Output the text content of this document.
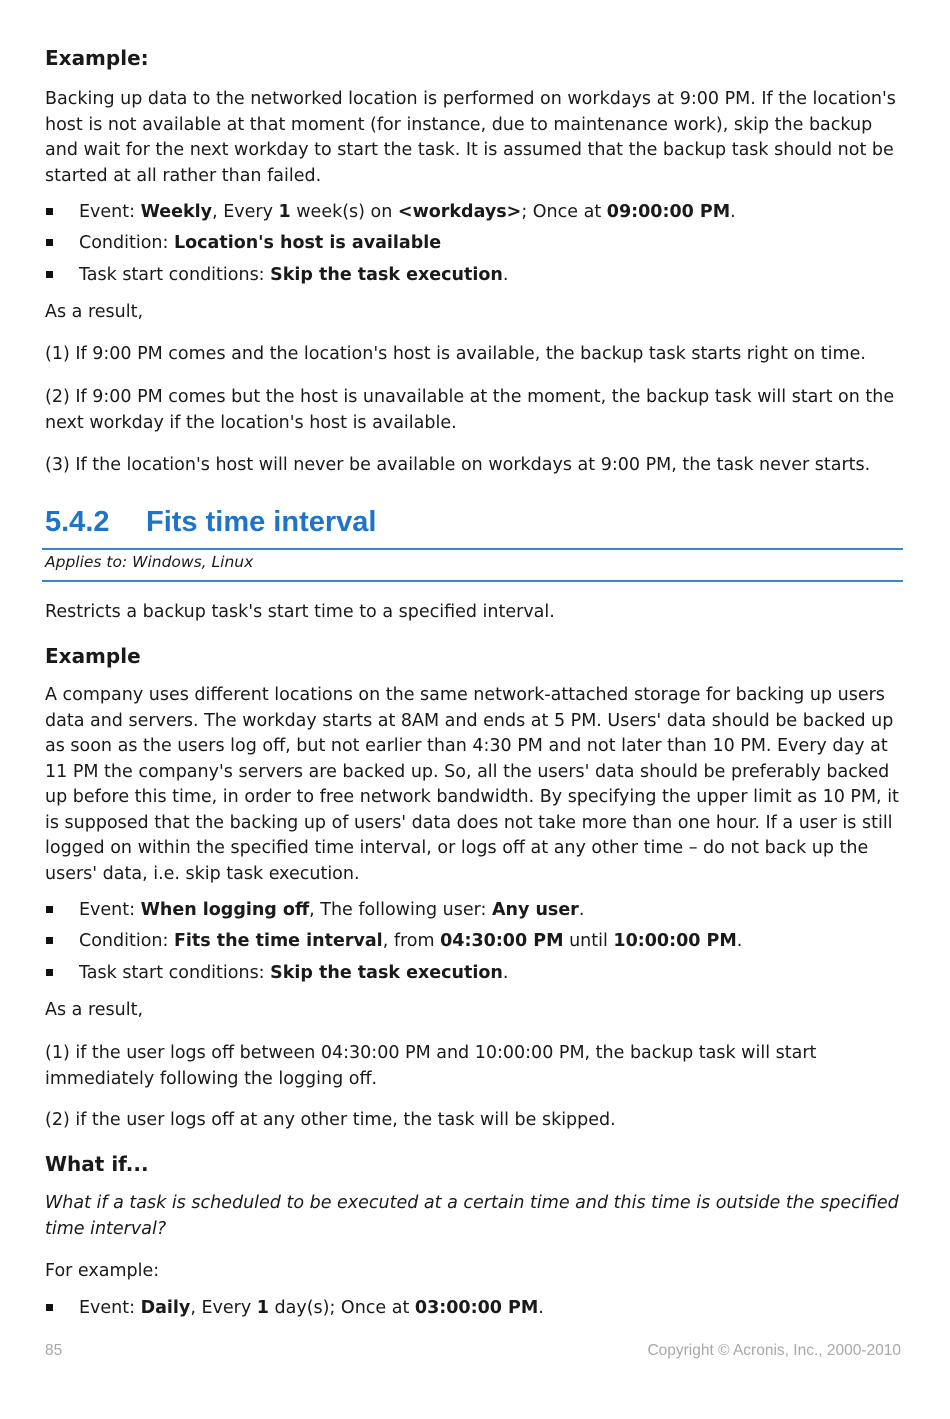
Example:

Backing up data to the networked location is performed on workdays at 9:00 PM. If the location's host is not available at that moment (for instance, due to maintenance work), skip the backup and wait for the next workday to start the task. It is assumed that the backup task should not be started at all rather than failed.

Event: Weekly, Every 1 week(s) on <workdays>; Once at 09:00:00 PM.
Condition: Location's host is available
Task start conditions: Skip the task execution.

As a result,

(1) If 9:00 PM comes and the location's host is available, the backup task starts right on time.

(2) If 9:00 PM comes but the host is unavailable at the moment, the backup task will start on the next workday if the location's host is available.

(3) If the location's host will never be available on workdays at 9:00 PM, the task never starts.

5.4.2 Fits time interval

Applies to: Windows, Linux

Restricts a backup task's start time to a specified interval.

Example

A company uses different locations on the same network-attached storage for backing up users data and servers. The workday starts at 8AM and ends at 5 PM. Users' data should be backed up as soon as the users log off, but not earlier than 4:30 PM and not later than 10 PM. Every day at 11 PM the company's servers are backed up. So, all the users' data should be preferably backed up before this time, in order to free network bandwidth. By specifying the upper limit as 10 PM, it is supposed that the backing up of users' data does not take more than one hour. If a user is still logged on within the specified time interval, or logs off at any other time – do not back up the users' data, i.e. skip task execution.

Event: When logging off, The following user: Any user.
Condition: Fits the time interval, from 04:30:00 PM until 10:00:00 PM.
Task start conditions: Skip the task execution.

As a result,

(1) if the user logs off between 04:30:00 PM and 10:00:00 PM, the backup task will start immediately following the logging off.

(2) if the user logs off at any other time, the task will be skipped.

What if...

What if a task is scheduled to be executed at a certain time and this time is outside the specified time interval?

For example:

Event: Daily, Every 1 day(s); Once at 03:00:00 PM.
85	Copyright © Acronis, Inc., 2000-2010
